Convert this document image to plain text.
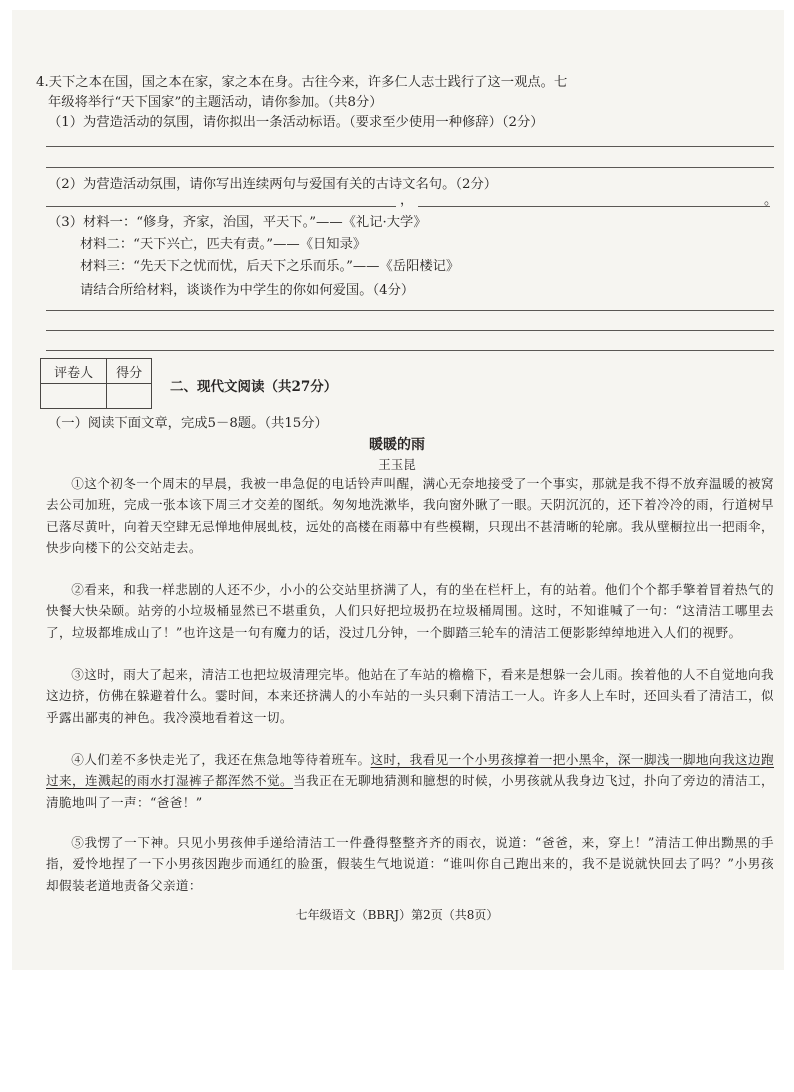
4.天下之本在国，国之本在家，家之本在身。古往今来，许多仁人志士践行了这一观点。七
年级将举行“天下国家”的主题活动，请你参加。（共8分）
（1）为营造活动的氛围，请你拟出一条活动标语。（要求至少使用一种修辞）（2分）
（2）为营造活动氛围，请你写出连续两句与爱国有关的古诗文名句。（2分）
，	。
（3）材料一：“修身，齐家，治国，平天下。”——《礼记·大学》
材料二：“天下兴亡，匹夫有责。”——《日知录》
材料三：“先天下之忧而忧，后天下之乐而乐。”——《岳阳楼记》
请结合所给材料，谈谈作为中学生的你如何爱国。（4分）
评卷人	得分

二、现代文阅读（共27分）
（一）阅读下面文章，完成5－8题。（共15分）
暖暖的雨
王玉昆
①这个初冬一个周末的早晨，我被一串急促的电话铃声叫醒，满心无奈地接受了一个事实，那就是我不得不放弃温暖的被窝去公司加班，完成一张本该下周三才交差的图纸。匆匆地洗漱毕，我向窗外瞅了一眼。天阴沉沉的，还下着冷冷的雨，行道树早已落尽黄叶，向着天空肆无忌惮地伸展虬枝，远处的高楼在雨幕中有些模糊，只现出不甚清晰的轮廓。我从壁橱拉出一把雨伞，快步向楼下的公交站走去。
②看来，和我一样悲剧的人还不少，小小的公交站里挤满了人，有的坐在栏杆上，有的站着。他们个个都手擎着冒着热气的快餐大快朵颐。站旁的小垃圾桶显然已不堪重负，人们只好把垃圾扔在垃圾桶周围。这时，不知谁喊了一句：“这清洁工哪里去了，垃圾都堆成山了！”也许这是一句有魔力的话，没过几分钟，一个脚踏三轮车的清洁工便影影绰绰地进入人们的视野。
③这时，雨大了起来，清洁工也把垃圾清理完毕。他站在了车站的檐檐下，看来是想躲一会儿雨。挨着他的人不自觉地向我这边挤，仿佛在躲避着什么。霎时间，本来还挤满人的小车站的一头只剩下清洁工一人。许多人上车时，还回头看了清洁工，似乎露出鄙夷的神色。我冷漠地看着这一切。
④人们差不多快走光了，我还在焦急地等待着班车。这时，我看见一个小男孩撑着一把小黑伞，深一脚浅一脚地向我这边跑过来，连溅起的雨水打湿裤子都浑然不觉。当我正在无聊地猜测和臆想的时候，小男孩就从我身边飞过，扑向了旁边的清洁工，清脆地叫了一声：“爸爸！”
⑤我愣了一下神。只见小男孩伸手递给清洁工一件叠得整整齐齐的雨衣，说道：“爸爸，来，穿上！”清洁工伸出黝黑的手指，爱怜地捏了一下小男孩因跑步而通红的脸蛋，假装生气地说道：“谁叫你自己跑出来的，我不是说就快回去了吗？”小男孩却假装老道地责备父亲道：
七年级语文（BBRJ）第2页（共8页）
